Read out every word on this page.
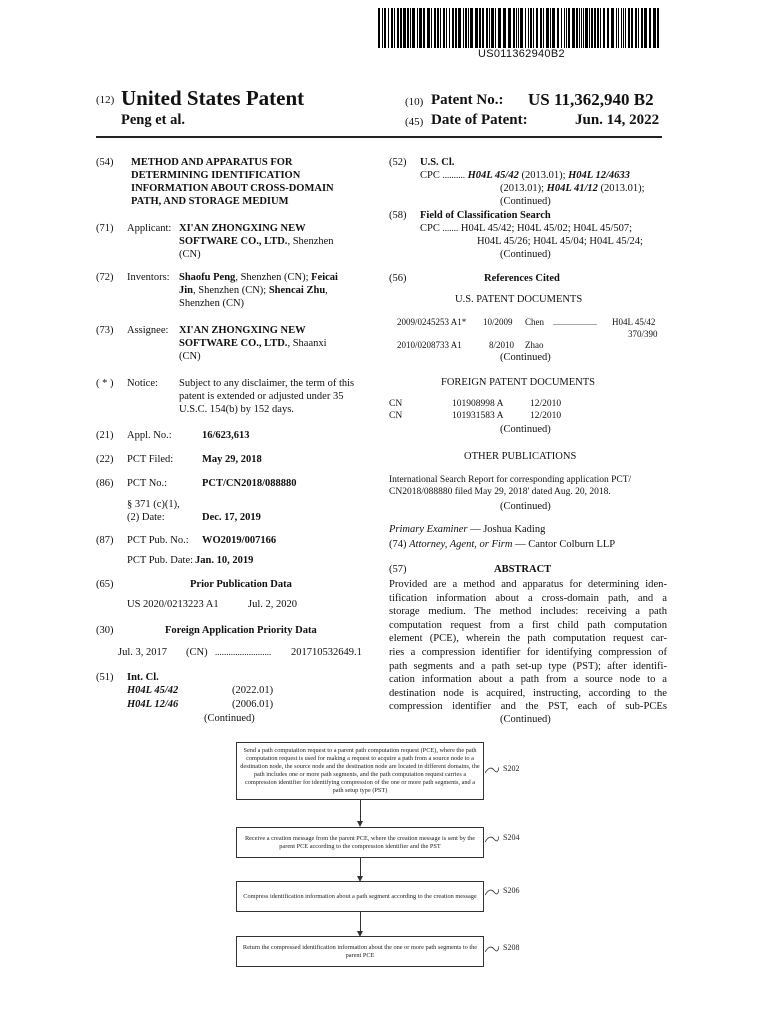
US011362940B2
(12) United States Patent
Peng et al.
(10) Patent No.: US 11,362,940 B2
(45) Date of Patent:	Jun. 14, 2022
(54) METHOD AND APPARATUS FOR
DETERMINING IDENTIFICATION
INFORMATION ABOUT CROSS-DOMAIN
PATH, AND STORAGE MEDIUM
(71) Applicant: XI'AN ZHONGXING NEW
SOFTWARE CO., LTD., Shenzhen
(CN)
(72) Inventors: Shaofu Peng, Shenzhen (CN); Feicai
Jin, Shenzhen (CN); Shencai Zhu,
Shenzhen (CN)
(73) Assignee: XI'AN ZHONGXING NEW
SOFTWARE CO., LTD., Shaanxi
(CN)
( * ) Notice: Subject to any disclaimer, the term of this
patent is extended or adjusted under 35
U.S.C. 154(b) by 152 days.
(21) Appl. No.:	16/623,613
(22) PCT Filed:	May 29, 2018
(86) PCT No.:	PCT/CN2018/088880
§ 371 (c)(1),
(2) Date:	Dec. 17, 2019
(87) PCT Pub. No.: WO2019/007166
PCT Pub. Date: Jan. 10, 2019
(65)	Prior Publication Data
US 2020/0213223 A1	Jul. 2, 2020
(30)	Foreign Application Priority Data
Jul. 3, 2017 (CN) ......................... 201710532649.1
(51) Int. Cl.
H04L 45/42	(2022.01)
H04L 12/46	(2006.01)
(Continued)
(52) U.S. Cl.
CPC .......... H04L 45/42 (2013.01); H04L 12/4633
(2013.01); H04L 41/12 (2013.01);
(Continued)
(58) Field of Classification Search
CPC ....... H04L 45/42; H04L 45/02; H04L 45/507;
H04L 45/26; H04L 45/04; H04L 45/24;
(Continued)
(56)	References Cited
U.S. PATENT DOCUMENTS
2009/0245253 A1* 10/2009 Chen ...................... H04L 45/42
370/390
2010/0208733 A1	8/2010 Zhao
(Continued)
FOREIGN PATENT DOCUMENTS
CN	101908998 A	12/2010
CN	101931583 A	12/2010
(Continued)
OTHER PUBLICATIONS
International Search Report for corresponding application PCT/
CN2018/088880 filed May 29, 2018' dated Aug. 20, 2018.
(Continued)
Primary Examiner — Joshua Kading
(74) Attorney, Agent, or Firm — Cantor Colburn LLP
(57)	ABSTRACT
Provided are a method and apparatus for determining iden-
tification information about a cross-domain path, and a
storage medium. The method includes: receiving a path
computation request from a first child path computation
element (PCE), wherein the path computation request car-
ries a compression identifier for identifying compression of
path segments and a path set-up type (PST); after identifi-
cation information about a path from a source node to a
destination node is acquired, instructing, according to the
compression identifier and the PST, each of sub-PCEs
(Continued)
Send a path computation request to a parent path computation request (PCE), where the path computation request is used for making a request to acquire a path from a source node to a destination node, the source node and the destination node are located in different domains, the path includes one or more path segments, and the path computation request carries a compression identifier for identifying compression of the one or more path segments, and a path setup type (PST)
Receive a creation message from the parent PCE, where the creation message is sent by the parent PCE according to the compression identifier and the PST
Compress identification information about a path segment according to the creation message
Return the compressed identification information about the one or more path segments to the parent PCE
S202
S204
S206
S208
